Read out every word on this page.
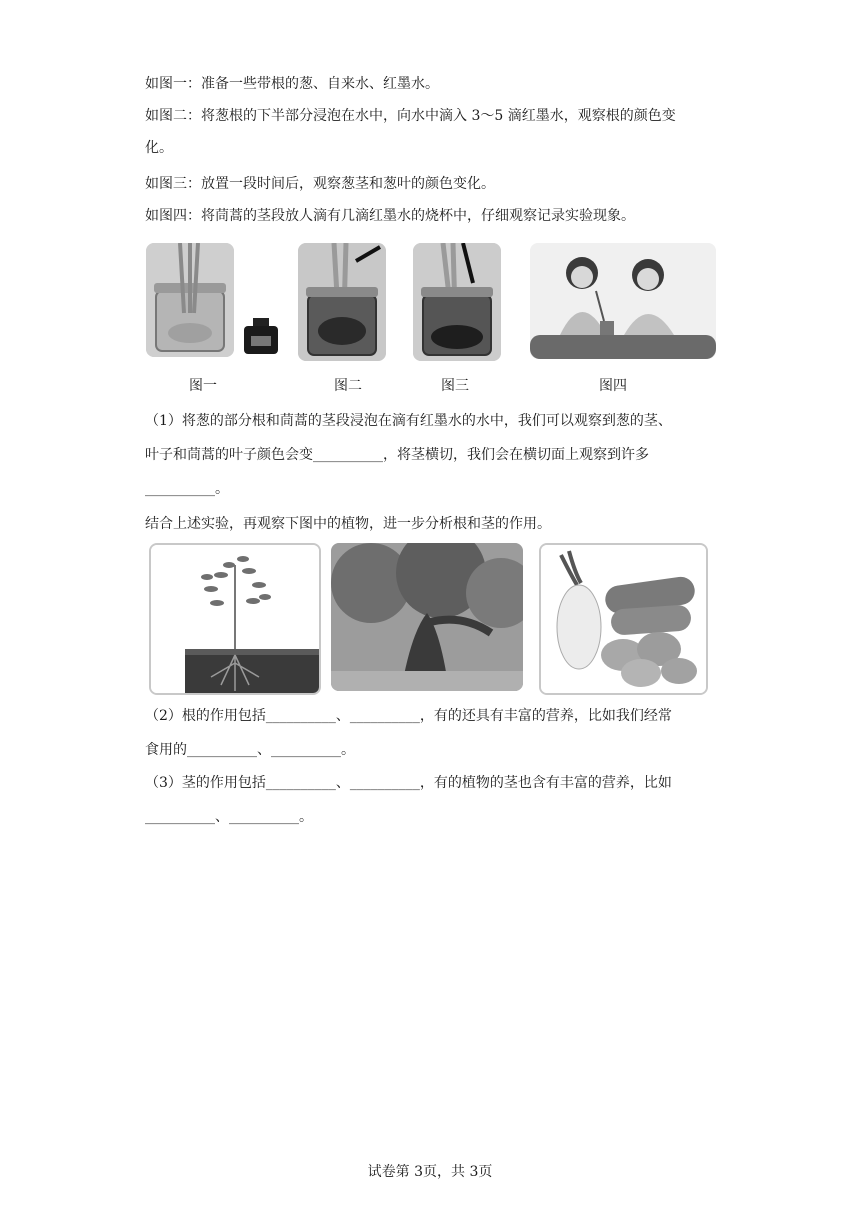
如图一：准备一些带根的葱、自来水、红墨水。
如图二：将葱根的下半部分浸泡在水中，向水中滴入 3～5 滴红墨水，观察根的颜色变
化。
如图三：放置一段时间后，观察葱茎和葱叶的颜色变化。
如图四：将茼蒿的茎段放人滴有几滴红墨水的烧杯中，仔细观察记录实验现象。
图一	图二	图三	图四
（1）将葱的部分根和茼蒿的茎段浸泡在滴有红墨水的水中，我们可以观察到葱的茎、
叶子和茼蒿的叶子颜色会变__________，将茎横切，我们会在横切面上观察到许多
__________。
结合上述实验，再观察下图中的植物，进一步分析根和茎的作用。
（2）根的作用包括__________、__________，有的还具有丰富的营养，比如我们经常
食用的__________、__________。
（3）茎的作用包括__________、__________，有的植物的茎也含有丰富的营养，比如
__________、__________。
试卷第 3页，共 3页
